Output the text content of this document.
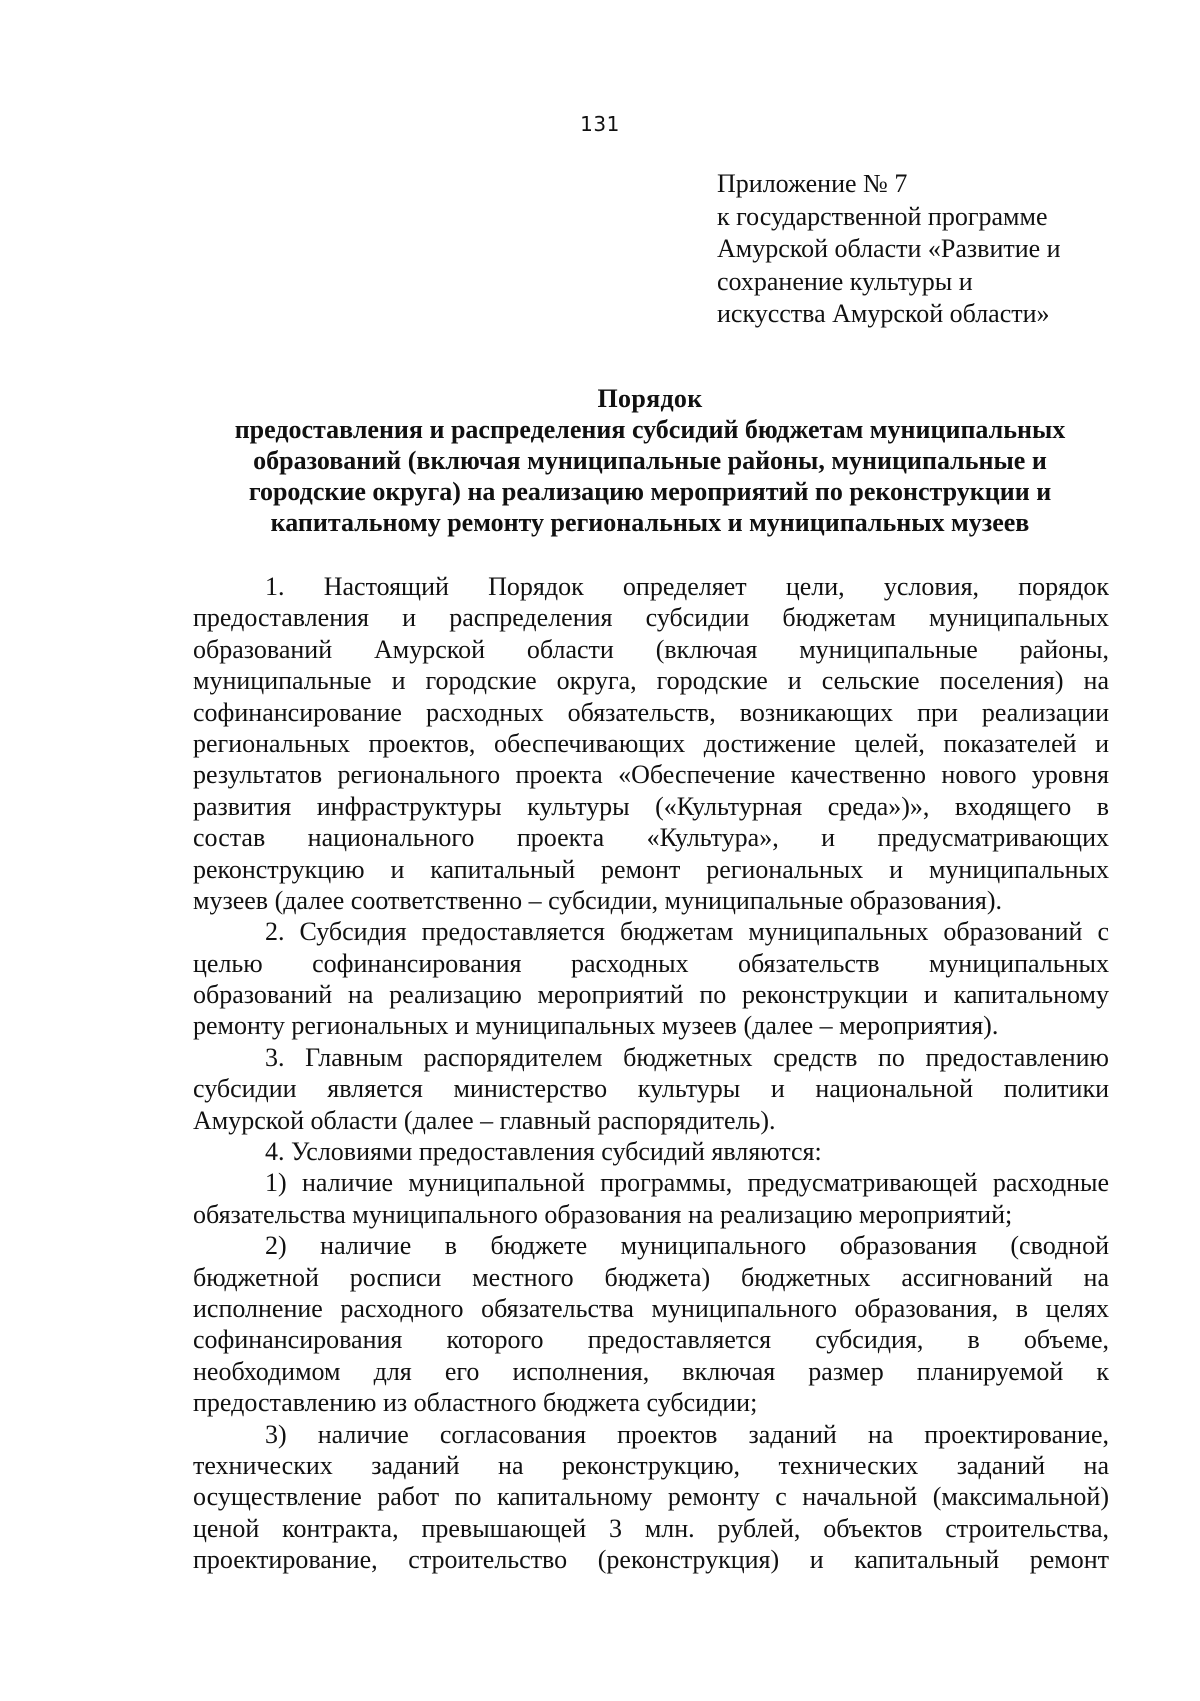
131
Приложение № 7
к государственной программе
Амурской области «Развитие и
сохранение культуры и
искусства Амурской области»
Порядок
предоставления и распределения субсидий бюджетам муниципальных
образований (включая муниципальные районы, муниципальные и
городские округа) на реализацию мероприятий по реконструкции и
капитальному ремонту региональных и муниципальных музеев
1. Настоящий Порядок определяет цели, условия, порядок
предоставления и распределения субсидии бюджетам муниципальных
образований Амурской области (включая муниципальные районы,
муниципальные и городские округа, городские и сельские поселения) на
софинансирование расходных обязательств, возникающих при реализации
региональных проектов, обеспечивающих достижение целей, показателей и
результатов регионального проекта «Обеспечение качественно нового уровня
развития инфраструктуры культуры («Культурная среда»)», входящего в
состав национального проекта «Культура», и предусматривающих
реконструкцию и капитальный ремонт региональных и муниципальных
музеев (далее соответственно – субсидии, муниципальные образования).
2. Субсидия предоставляется бюджетам муниципальных образований с
целью софинансирования расходных обязательств муниципальных
образований на реализацию мероприятий по реконструкции и капитальному
ремонту региональных и муниципальных музеев (далее – мероприятия).
3. Главным распорядителем бюджетных средств по предоставлению
субсидии является министерство культуры и национальной политики
Амурской области (далее – главный распорядитель).
4. Условиями предоставления субсидий являются:
1) наличие муниципальной программы, предусматривающей расходные
обязательства муниципального образования на реализацию мероприятий;
2) наличие в бюджете муниципального образования (сводной
бюджетной росписи местного бюджета) бюджетных ассигнований на
исполнение расходного обязательства муниципального образования, в целях
софинансирования которого предоставляется субсидия, в объеме,
необходимом для его исполнения, включая размер планируемой к
предоставлению из областного бюджета субсидии;
3) наличие согласования проектов заданий на проектирование,
технических заданий на реконструкцию, технических заданий на
осуществление работ по капитальному ремонту с начальной (максимальной)
ценой контракта, превышающей 3 млн. рублей, объектов строительства,
проектирование, строительство (реконструкция) и капитальный ремонт
